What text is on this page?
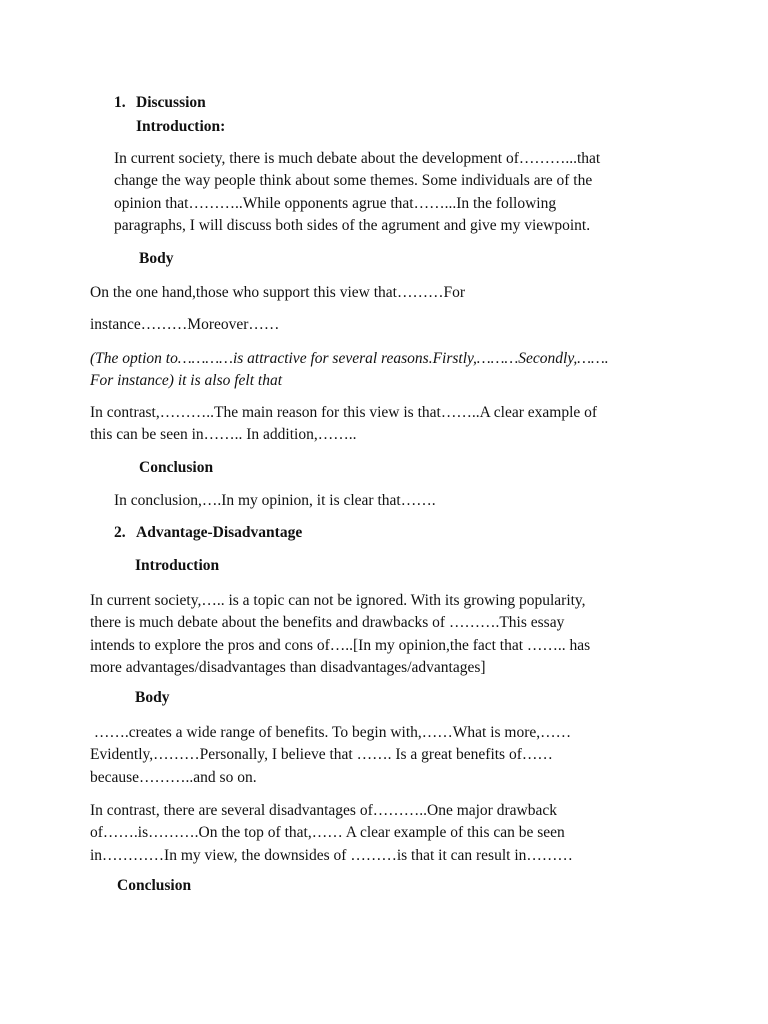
1. Discussion
Introduction:
In current society, there is much debate about the development of………...that
change the way people think about some themes. Some individuals are of the
opinion that………..While opponents agrue that……...In the following
paragraphs, I will discuss both sides of the agrument and give my viewpoint.
Body
On the one hand,those who support this view that………For
instance………Moreover……
(The option to…………is attractive for several reasons.Firstly,………Secondly,…….
For instance) it is also felt that
In contrast,………..The main reason for this view is that……..A clear example of
this can be seen in…….. In addition,……..
Conclusion
In conclusion,….In my opinion, it is clear that…….
2. Advantage-Disadvantage
Introduction
In current society,….. is a topic can not be ignored. With its growing popularity,
there is much debate about the benefits and drawbacks of ……….This essay
intends to explore the pros and cons of…..[In my opinion,the fact that …….. has
more advantages/disadvantages than disadvantages/advantages]
Body
…….creates a wide range of benefits. To begin with,……What is more,……
Evidently,………Personally, I believe that ……. Is a great benefits of……
because………..and so on.
In contrast, there are several disadvantages of………..One major drawback
of…….is……….On the top of that,…… A clear example of this can be seen
in…………In my view, the downsides of ………is that it can result in………
Conclusion
